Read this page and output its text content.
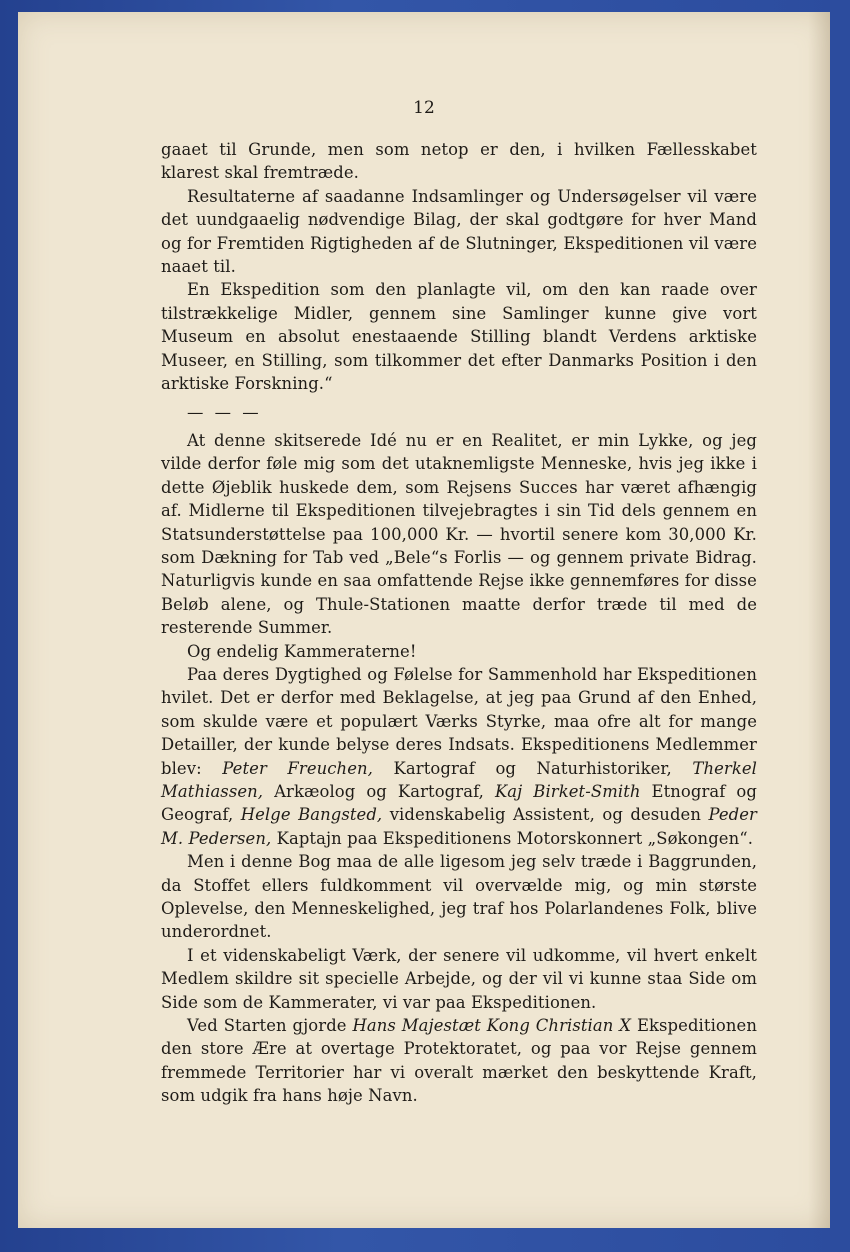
12

gaaet til Grunde, men som netop er den, i hvilken Fællesskabet klarest skal fremtræde.

Resultaterne af saadanne Indsamlinger og Undersøgelser vil være det uundgaaelig nødvendige Bilag, der skal godtgøre for hver Mand og for Fremtiden Rigtigheden af de Slutninger, Ekspeditionen vil være naaet til.

En Ekspedition som den planlagte vil, om den kan raade over tilstrækkelige Midler, gennem sine Samlinger kunne give vort Museum en absolut enestaaende Stilling blandt Verdens arktiske Museer, en Stilling, som tilkommer det efter Danmarks Position i den arktiske Forskning.“

— — —

At denne skitserede Idé nu er en Realitet, er min Lykke, og jeg vilde derfor føle mig som det utaknemligste Menneske, hvis jeg ikke i dette Øjeblik huskede dem, som Rejsens Succes har været afhængig af. Midlerne til Ekspeditionen tilvejebragtes i sin Tid dels gennem en Statsunderstøttelse paa 100,000 Kr. — hvortil senere kom 30,000 Kr. som Dækning for Tab ved „Bele“s Forlis — og gennem private Bidrag. Naturligvis kunde en saa omfattende Rejse ikke gennemføres for disse Beløb alene, og Thule-Stationen maatte derfor træde til med de resterende Summer.

Og endelig Kammeraterne!

Paa deres Dygtighed og Følelse for Sammenhold har Ekspeditionen hvilet. Det er derfor med Beklagelse, at jeg paa Grund af den Enhed, som skulde være et populært Værks Styrke, maa ofre alt for mange Detailler, der kunde belyse deres Indsats. Ekspeditionens Medlemmer blev: Peter Freuchen, Kartograf og Naturhistoriker, Therkel Mathiassen, Arkæolog og Kartograf, Kaj Birket-Smith Etnograf og Geograf, Helge Bangsted, videnskabelig Assistent, og desuden Peder M. Pedersen, Kaptajn paa Ekspeditionens Motorskonnert „Søkongen“.

Men i denne Bog maa de alle ligesom jeg selv træde i Baggrunden, da Stoffet ellers fuldkomment vil overvælde mig, og min største Oplevelse, den Menneskelighed, jeg traf hos Polarlandenes Folk, blive underordnet.

I et videnskabeligt Værk, der senere vil udkomme, vil hvert enkelt Medlem skildre sit specielle Arbejde, og der vil vi kunne staa Side om Side som de Kammerater, vi var paa Ekspeditionen.

Ved Starten gjorde Hans Majestæt Kong Christian X Ekspeditionen den store Ære at overtage Protektoratet, og paa vor Rejse gennem fremmede Territorier har vi overalt mærket den beskyttende Kraft, som udgik fra hans høje Navn.
